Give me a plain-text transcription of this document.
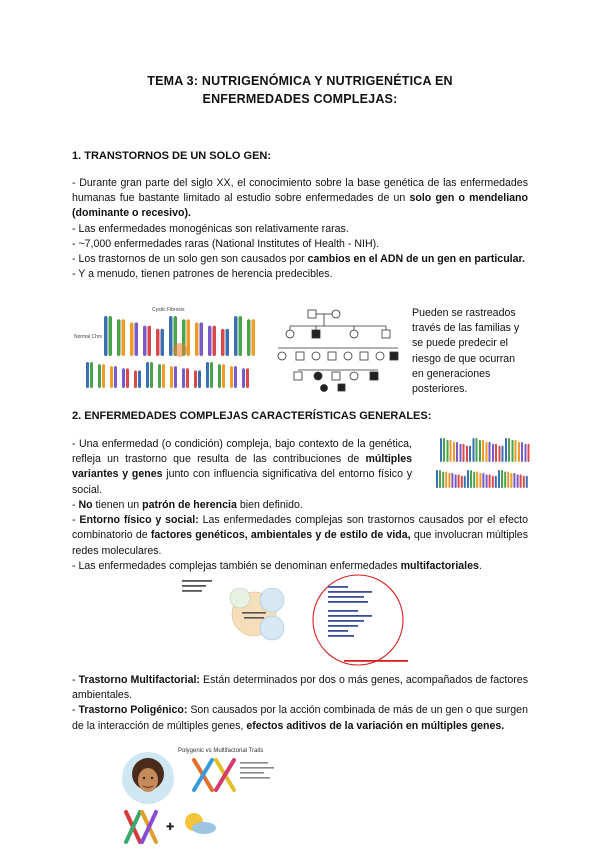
TEMA 3: NUTRIGENÓMICA Y NUTRIGENÉTICA EN
ENFERMEDADES COMPLEJAS:
1. TRANSTORNOS DE UN SOLO GEN:

- Durante gran parte del siglo XX, el conocimiento sobre la base genética de las enfermedades humanas fue bastante limitado al estudio sobre enfermedades de un solo gen o mendeliano (dominante o recesivo).

- Las enfermedades monogénicas son relativamente raras.

- ~7,000 enfermedades raras (National Institutes of Health - NIH).

- Los trastornos de un solo gen son causados por cambios en el ADN de un gen en particular.

- Y a menudo, tienen patrones de herencia predecibles.

Cystic Fibrosis
Normal Chrs
Pueden se rastreados través de las familias y se puede predecir el riesgo de que ocurran en generaciones posteriores.
2. ENFERMEDADES COMPLEJAS CARACTERÍSTICAS GENERALES:

- Una enfermedad (o condición) compleja, bajo contexto de la genética, refleja un trastorno que resulta de las contribuciones de múltiples variantes y genes junto con influencia significativa del entorno físico y social.

- No tienen un patrón de herencia bien definido.

- Entorno físico y social: Las enfermedades complejas son trastornos causados por el efecto combinatorio de factores genéticos, ambientales y de estilo de vida, que involucran múltiples redes moleculares.

- Las enfermedades complejas también se denominan enfermedades multifactoriales.

- Trastorno Multifactorial: Están determinados por dos o más genes, acompañados de factores ambientales.

- Trastorno Poligénico: Son causados por la acción combinada de más de un gen o que surgen de la interacción de múltiples genes, efectos aditivos de la variación en múltiples genes.

Polygenic vs Multifactorial Traits
✚
